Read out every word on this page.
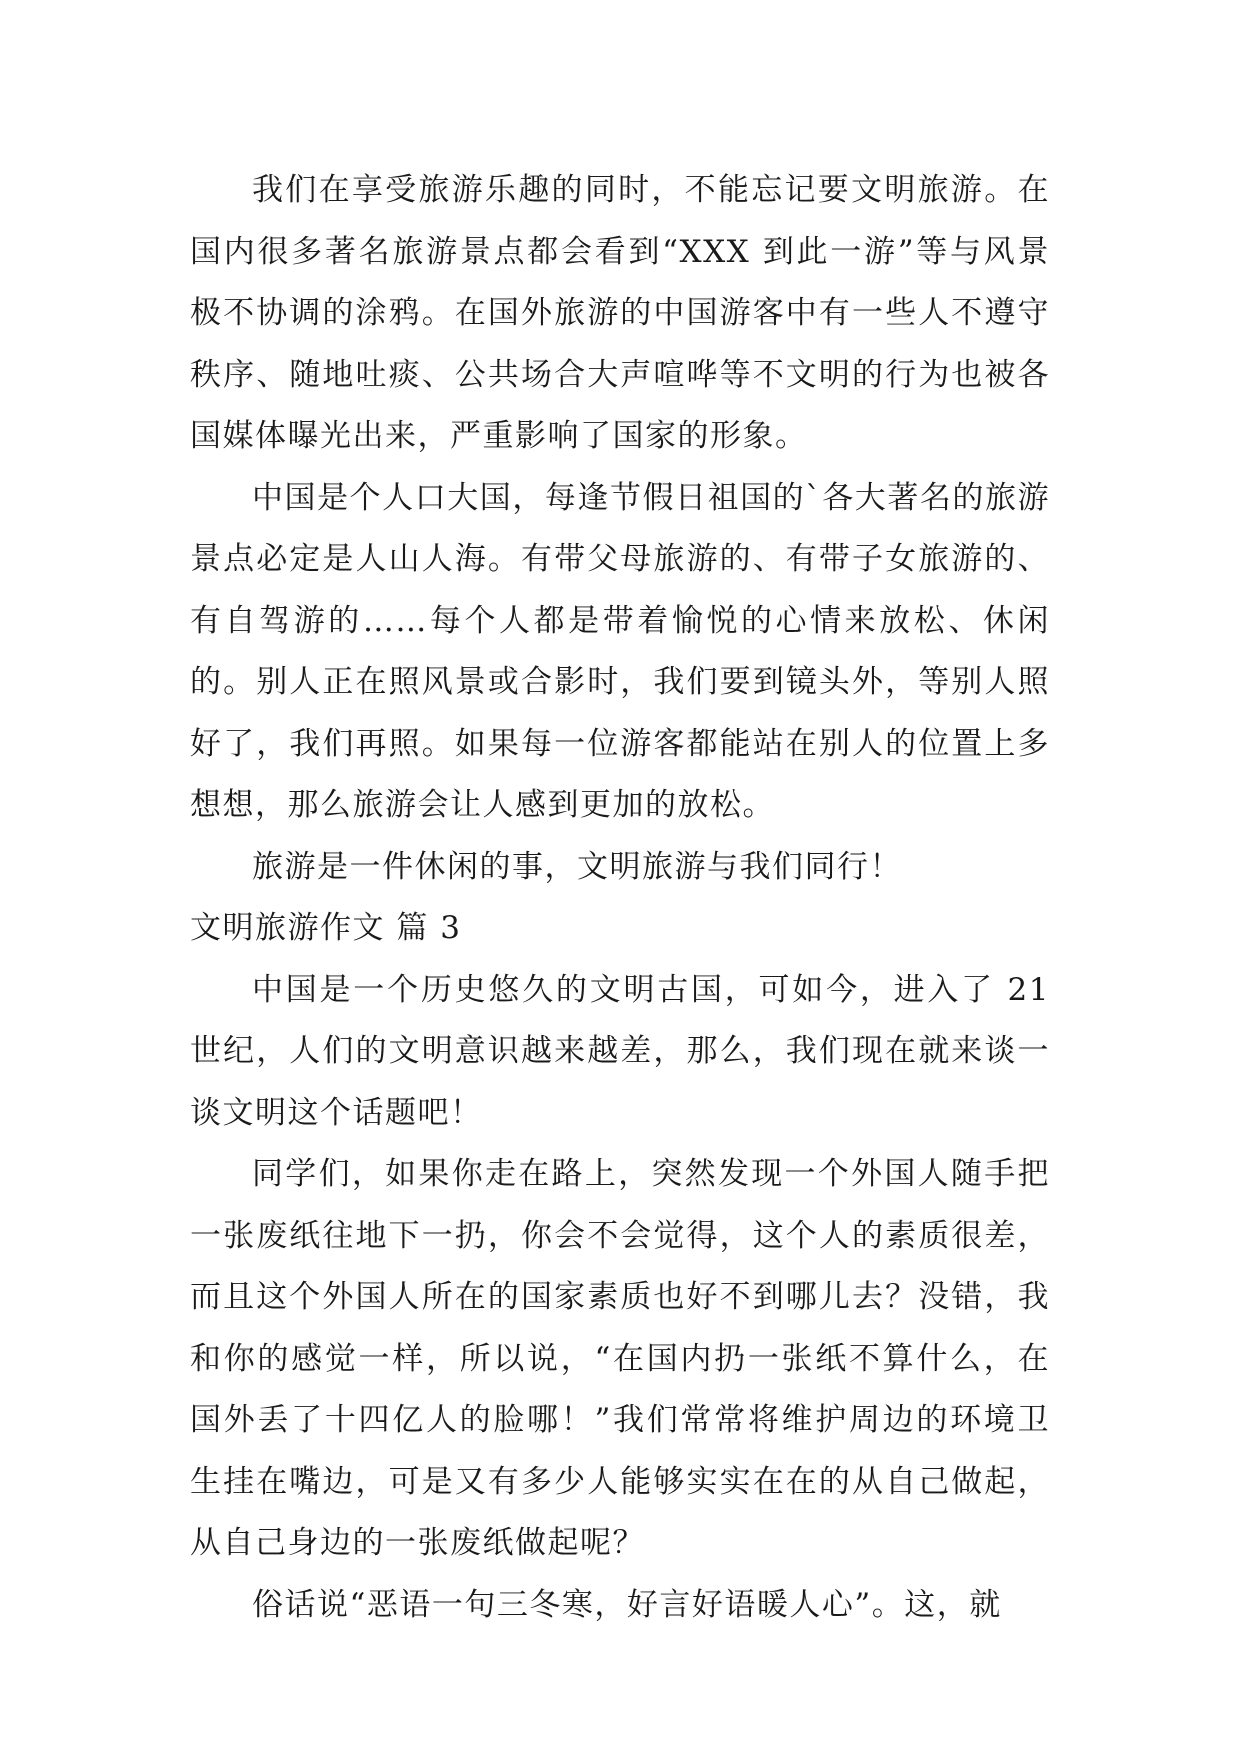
我们在享受旅游乐趣的同时，不能忘记要文明旅游。在国内很多著名旅游景点都会看到“XXX 到此一游”等与风景极不协调的涂鸦。在国外旅游的中国游客中有一些人不遵守秩序、随地吐痰、公共场合大声喧哗等不文明的行为也被各国媒体曝光出来，严重影响了国家的形象。

中国是个人口大国，每逢节假日祖国的`各大著名的旅游景点必定是人山人海。有带父母旅游的、有带子女旅游的、有自驾游的……每个人都是带着愉悦的心情来放松、休闲的。别人正在照风景或合影时，我们要到镜头外，等别人照好了，我们再照。如果每一位游客都能站在别人的位置上多想想，那么旅游会让人感到更加的放松。

旅游是一件休闲的事，文明旅游与我们同行！

文明旅游作文 篇 3

中国是一个历史悠久的文明古国，可如今，进入了 21 世纪，人们的文明意识越来越差，那么，我们现在就来谈一谈文明这个话题吧！

同学们，如果你走在路上，突然发现一个外国人随手把一张废纸往地下一扔，你会不会觉得，这个人的素质很差，而且这个外国人所在的国家素质也好不到哪儿去？没错，我和你的感觉一样，所以说，“在国内扔一张纸不算什么，在国外丢了十四亿人的脸哪！”我们常常将维护周边的环境卫生挂在嘴边，可是又有多少人能够实实在在的从自己做起，从自己身边的一张废纸做起呢？

俗话说“恶语一句三冬寒，好言好语暖人心”。这，就
